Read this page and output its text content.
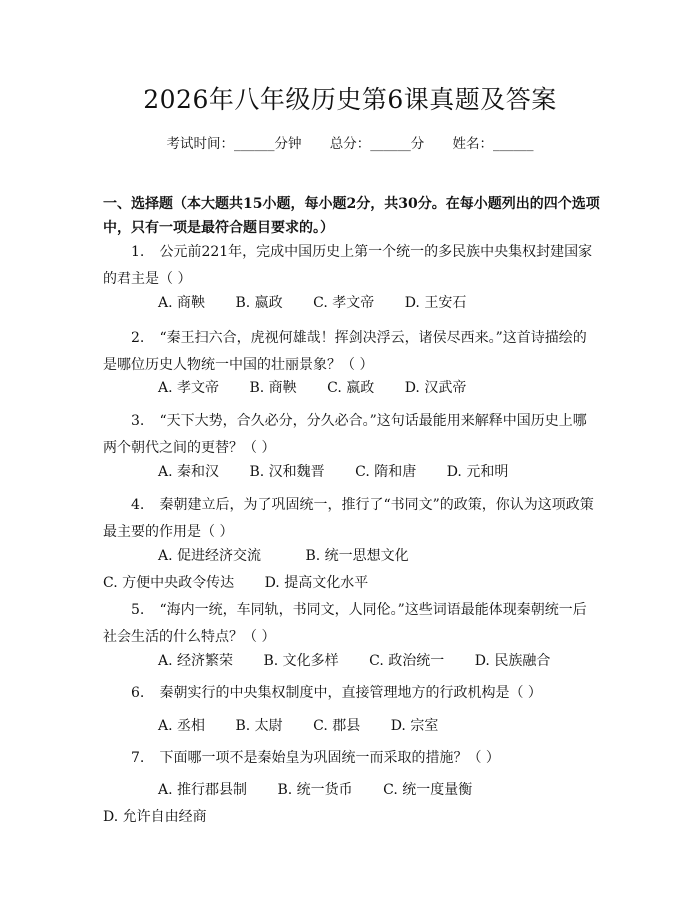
2026年八年级历史第6课真题及答案
考试时间：______分钟 总分：______分 姓名：______
一、选择题（本大题共15小题，每小题2分，共30分。在每小题列出的四个选项中，只有一项是最符合题目要求的。）
1. 公元前221年，完成中国历史上第一个统一的多民族中央集权封建国家的君主是（ ）
A. 商鞅 B. 嬴政 C. 孝文帝 D. 王安石
2. “秦王扫六合，虎视何雄哉！挥剑决浮云，诸侯尽西来。”这首诗描绘的是哪位历史人物统一中国的壮丽景象？（ ）
A. 孝文帝 B. 商鞅 C. 嬴政 D. 汉武帝
3. “天下大势，合久必分，分久必合。”这句话最能用来解释中国历史上哪两个朝代之间的更替？（ ）
A. 秦和汉 B. 汉和魏晋 C. 隋和唐 D. 元和明
4. 秦朝建立后，为了巩固统一，推行了“书同文”的政策，你认为这项政策最主要的作用是（ ）
A. 促进经济交流	B. 统一思想文化 C. 方便中央政令传达 D. 提高文化水平
5. “海内一统，车同轨，书同文，人同伦。”这些词语最能体现秦朝统一后社会生活的什么特点？（ ）
A. 经济繁荣 B. 文化多样 C. 政治统一 D. 民族融合
6. 秦朝实行的中央集权制度中，直接管理地方的行政机构是（ ）
A. 丞相 B. 太尉 C. 郡县 D. 宗室
7. 下面哪一项不是秦始皇为巩固统一而采取的措施？（ ）
A. 推行郡县制 B. 统一货币 C. 统一度量衡 D. 允许自由经商
